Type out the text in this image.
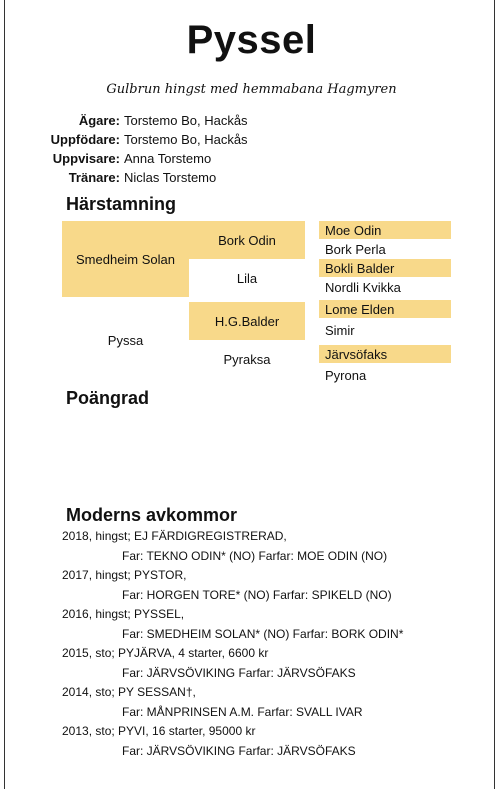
Pyssel
Gulbrun hingst med hemmabana Hagmyren
Ägare: Torstemo Bo, Hackås
Uppfödare: Torstemo Bo, Hackås
Uppvisare: Anna Torstemo
Tränare: Niclas Torstemo
Härstamning
Smedheim Solan
Pyssa
Bork Odin
Lila
H.G.Balder
Pyraksa
Moe Odin
Bork Perla
Bokli Balder
Nordli Kvikka
Lome Elden
Simir
Järvsöfaks
Pyrona
Poängrad
Moderns avkommor
2018, hingst; EJ FÄRDIGREGISTRERAD,
Far: TEKNO ODIN* (NO) Farfar: MOE ODIN (NO)
2017, hingst; PYSTOR,
Far: HORGEN TORE* (NO) Farfar: SPIKELD (NO)
2016, hingst; PYSSEL,
Far: SMEDHEIM SOLAN* (NO) Farfar: BORK ODIN*
2015, sto; PYJÄRVA, 4 starter, 6600 kr
Far: JÄRVSÖVIKING Farfar: JÄRVSÖFAKS
2014, sto; PY SESSAN†,
Far: MÅNPRINSEN A.M. Farfar: SVALL IVAR
2013, sto; PYVI, 16 starter, 95000 kr
Far: JÄRVSÖVIKING Farfar: JÄRVSÖFAKS
